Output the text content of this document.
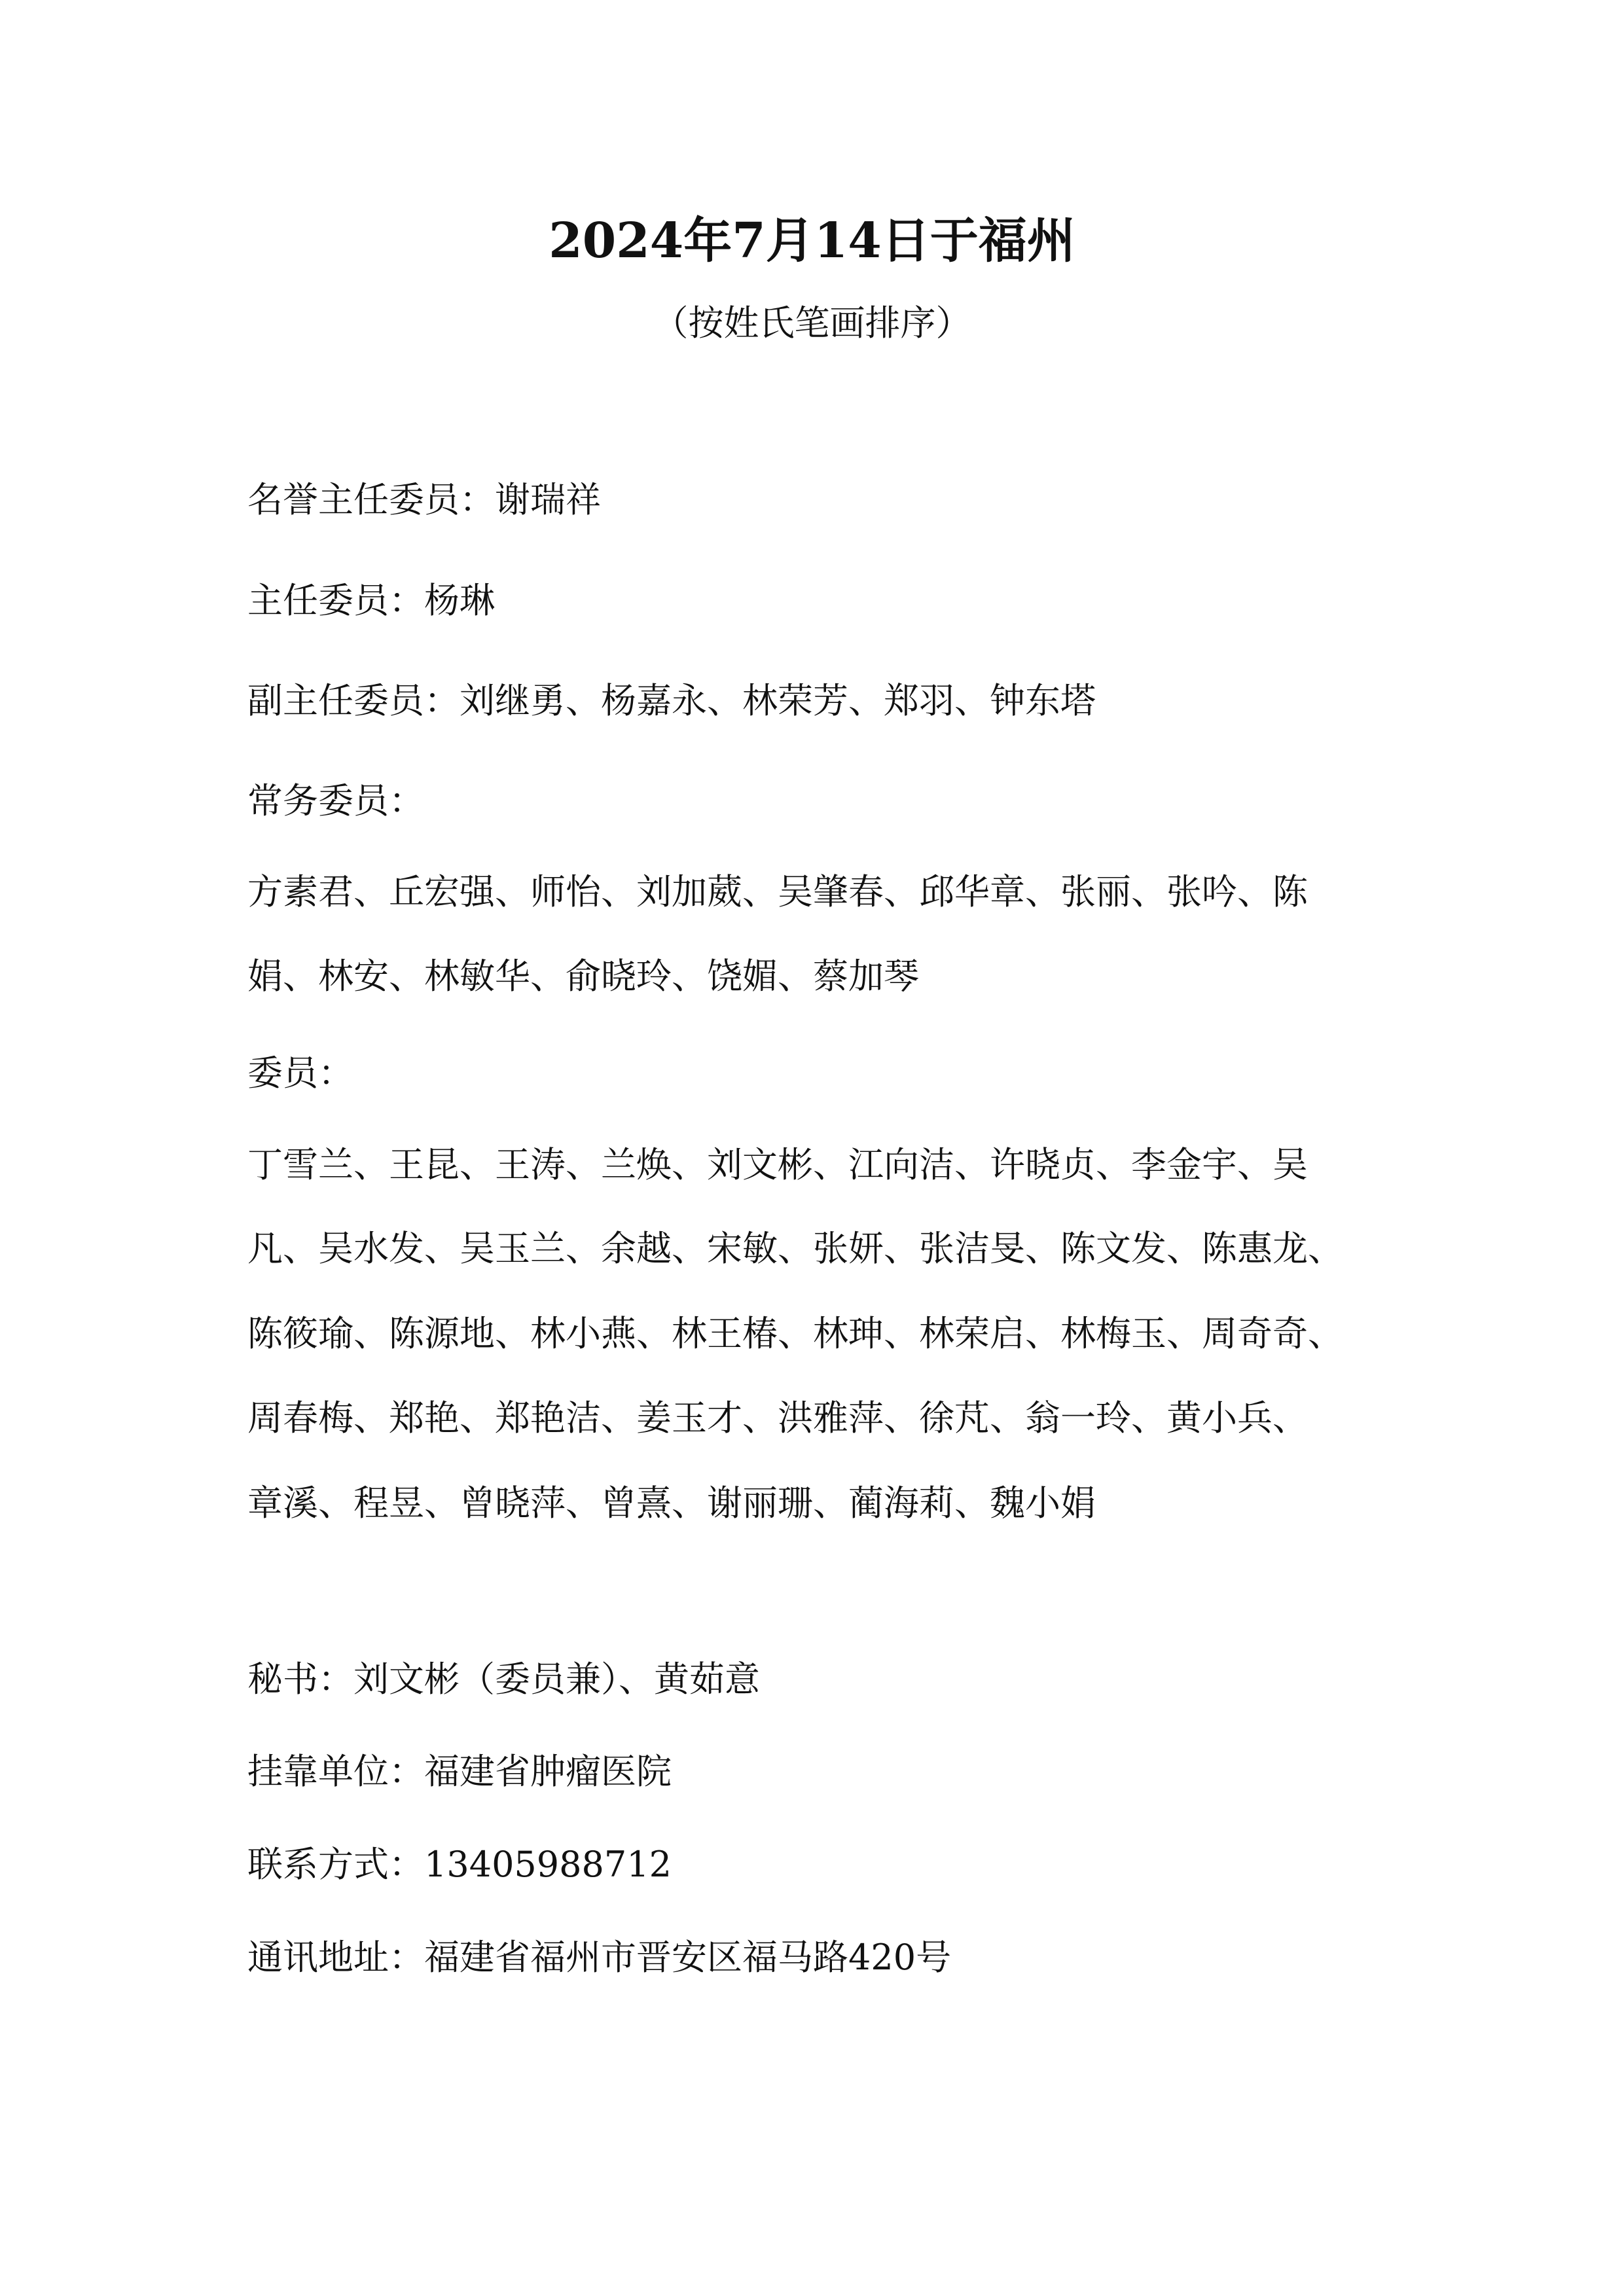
2024年7月14日于福州
（按姓氏笔画排序）
名誉主任委员：谢瑞祥
主任委员：杨琳
副主任委员：刘继勇、杨嘉永、林荣芳、郑羽、钟东塔
常务委员：
方素君、丘宏强、师怡、刘加葳、吴肇春、邱华章、张丽、张吟、陈
娟、林安、林敏华、俞晓玲、饶媚、蔡加琴
委员：
丁雪兰、王昆、王涛、兰焕、刘文彬、江向洁、许晓贞、李金宇、吴
凡、吴水发、吴玉兰、余越、宋敏、张妍、张洁旻、陈文发、陈惠龙、
陈筱瑜、陈源地、林小燕、林王椿、林珅、林荣启、林梅玉、周奇奇、
周春梅、郑艳、郑艳洁、姜玉才、洪雅萍、徐芃、翁一玲、黄小兵、
章溪、程昱、曾晓萍、曾熹、谢丽珊、蔺海莉、魏小娟
秘书：刘文彬（委员兼）、黄茹意
挂靠单位：福建省肿瘤医院
联系方式：13405988712
通讯地址：福建省福州市晋安区福马路420号
